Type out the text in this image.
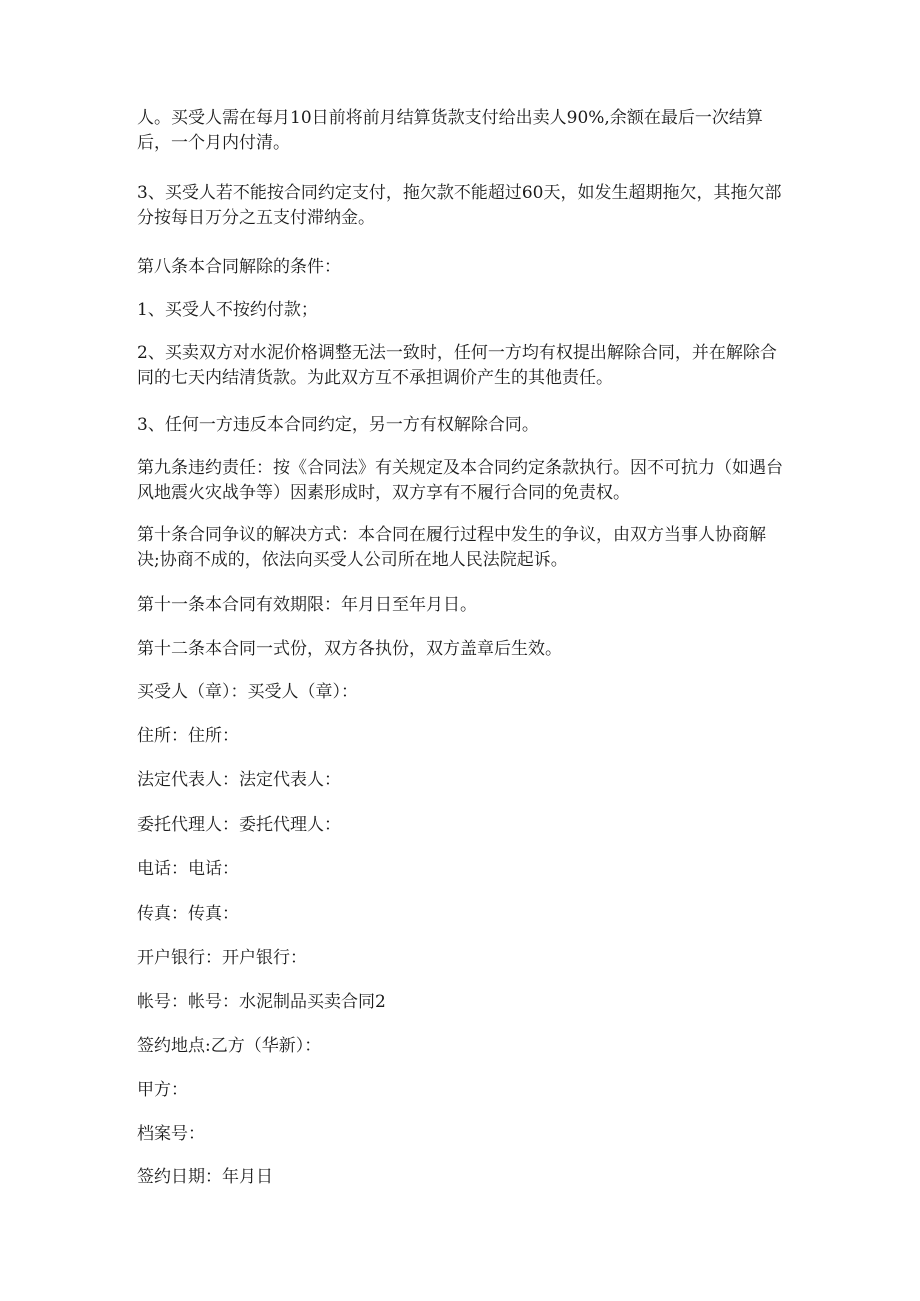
人。买受人需在每月10日前将前月结算货款支付给出卖人90%,余额在最后一次结算后，一个月内付清。

3、买受人若不能按合同约定支付，拖欠款不能超过60天，如发生超期拖欠，其拖欠部分按每日万分之五支付滞纳金。

第八条本合同解除的条件：

1、买受人不按约付款；

2、买卖双方对水泥价格调整无法一致时，任何一方均有权提出解除合同，并在解除合同的七天内结清货款。为此双方互不承担调价产生的其他责任。

3、任何一方违反本合同约定，另一方有权解除合同。

第九条违约责任：按《合同法》有关规定及本合同约定条款执行。因不可抗力（如遇台风地震火灾战争等）因素形成时，双方享有不履行合同的免责权。

第十条合同争议的解决方式：本合同在履行过程中发生的争议，由双方当事人协商解决;协商不成的，依法向买受人公司所在地人民法院起诉。

第十一条本合同有效期限：年月日至年月日。

第十二条本合同一式份，双方各执份，双方盖章后生效。

买受人（章）：买受人（章）：

住所：住所：

法定代表人：法定代表人：

委托代理人：委托代理人：

电话：电话：

传真：传真：

开户银行：开户银行：

帐号：帐号：水泥制品买卖合同2

签约地点:乙方（华新）：

甲方：

档案号：

签约日期：年月日
